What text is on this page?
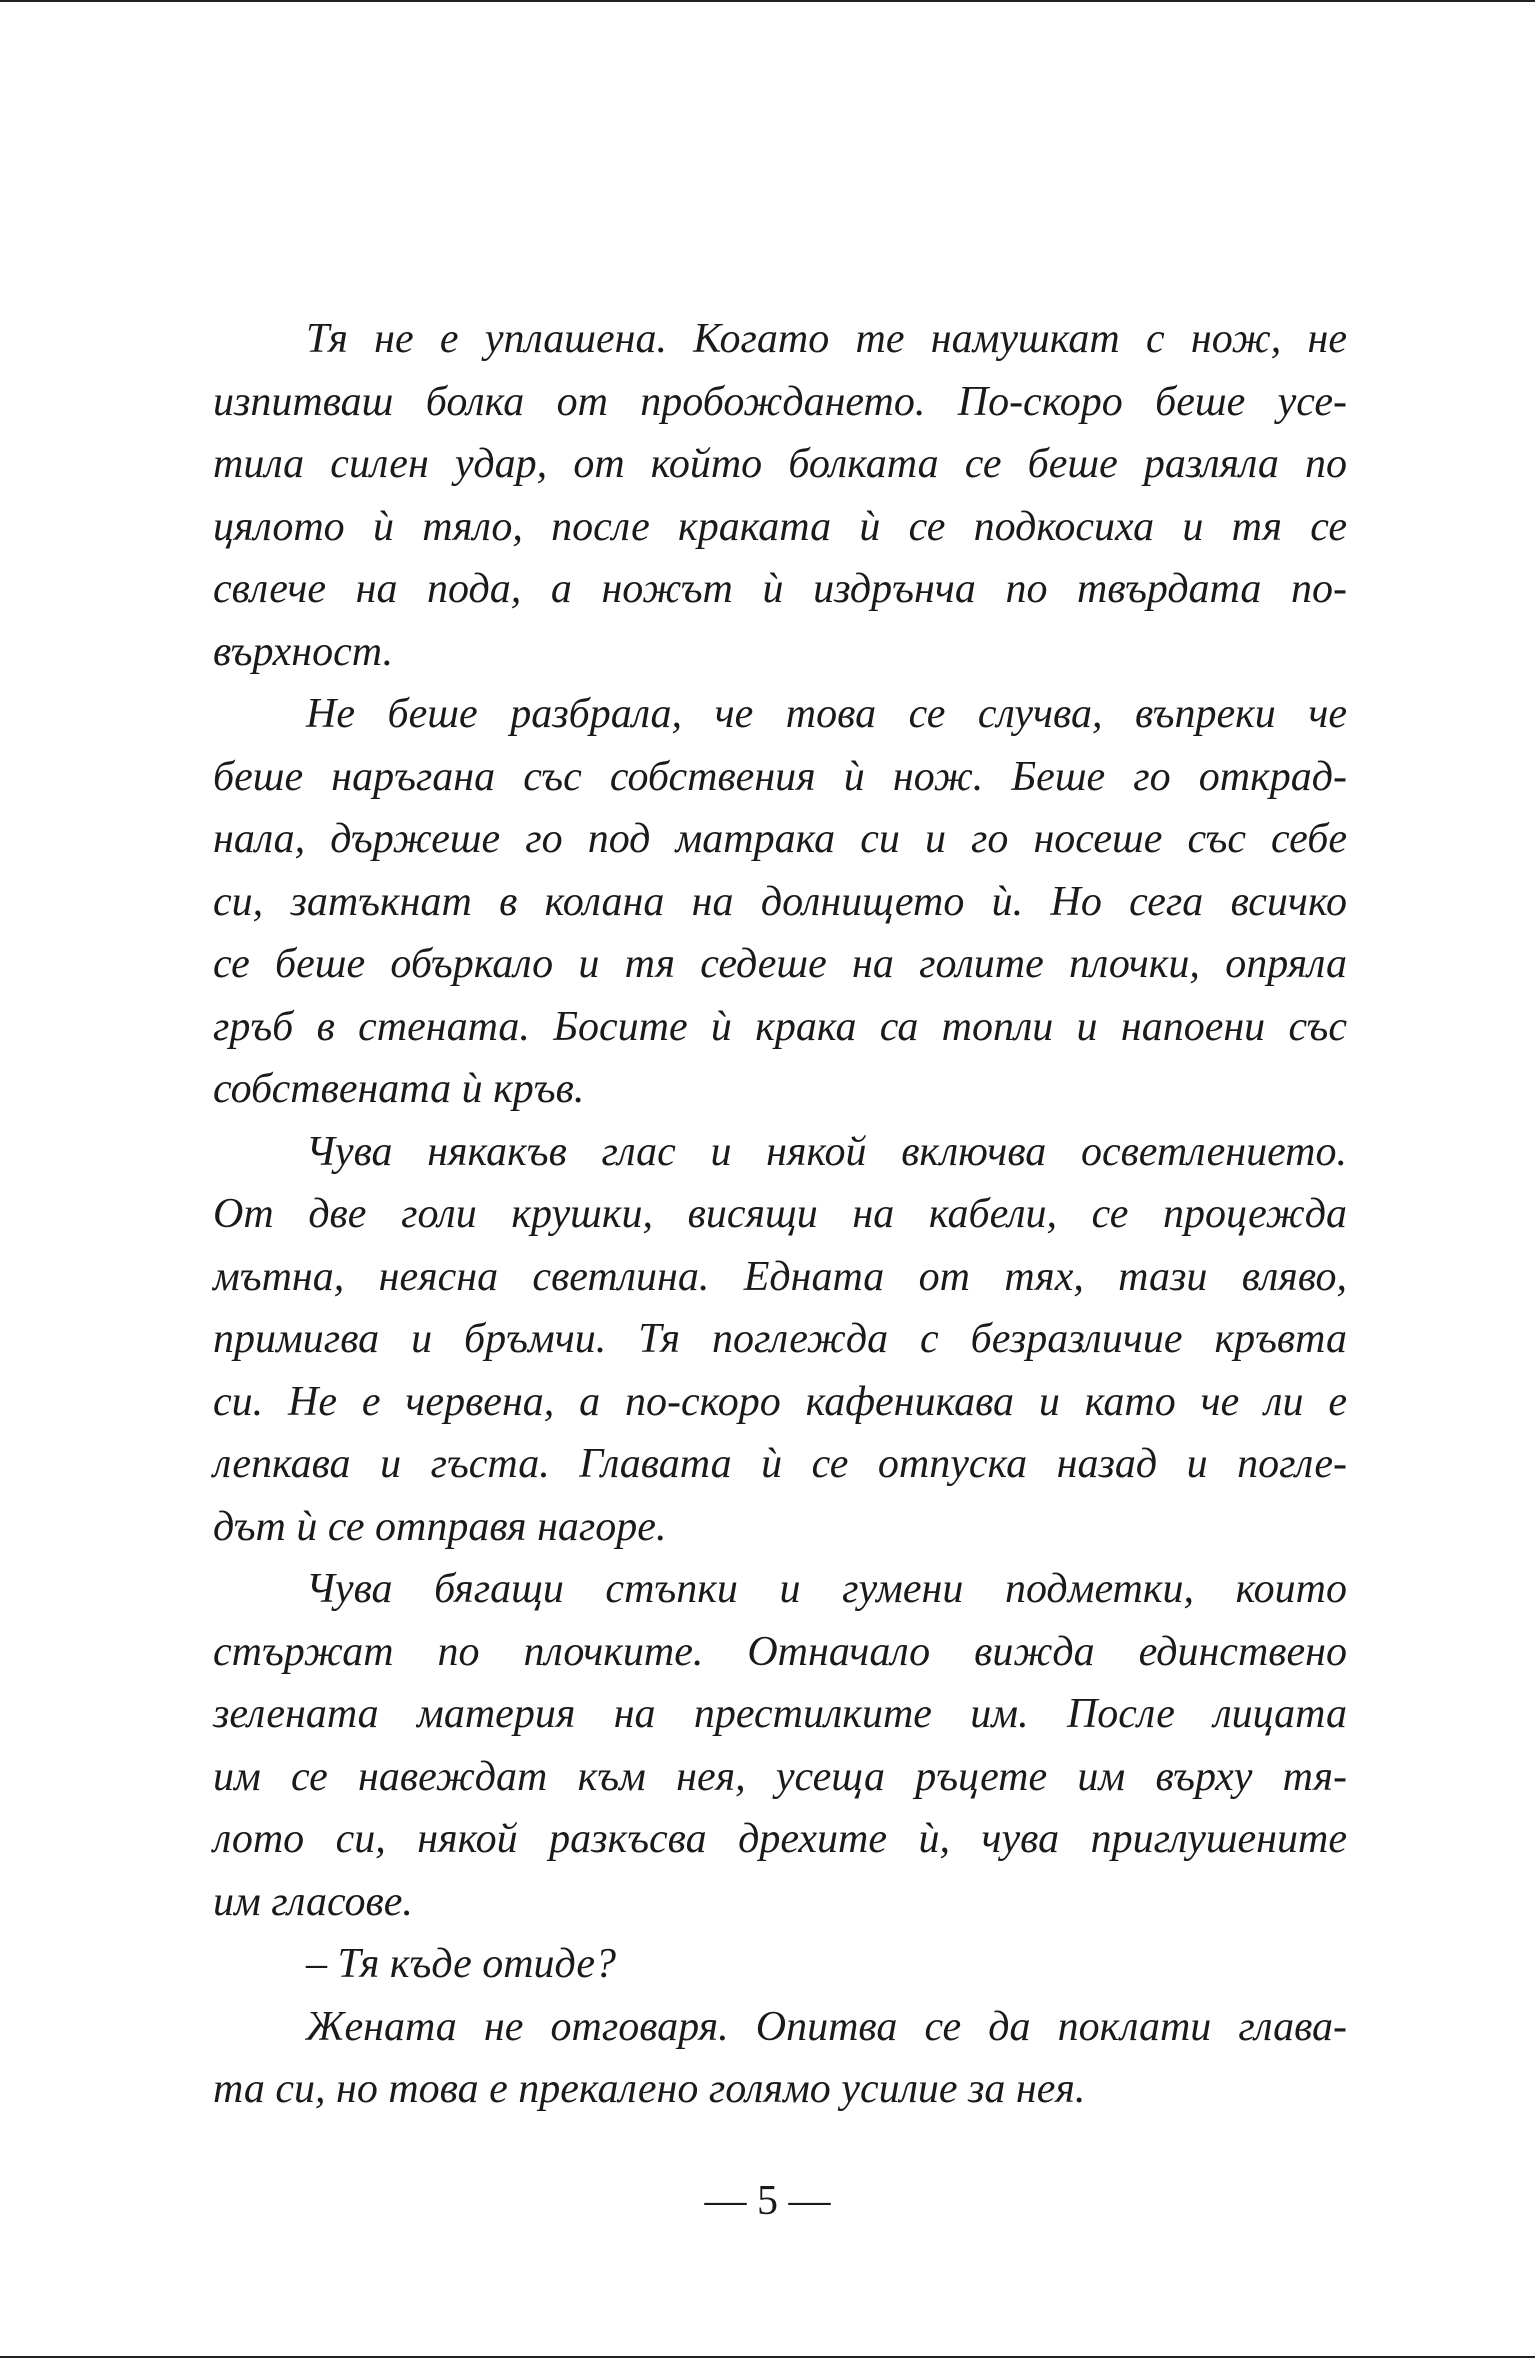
Тя не е уплашена. Когато те намушкат с нож, не
изпитваш болка от пробождането. По-скоро беше усе-
тила силен удар, от който болката се беше разляла по
цялото ѝ тяло, после краката ѝ се подкосиха и тя се
свлече на пода, а ножът ѝ издрънча по твърдата по-
върхност.
Не беше разбрала, че това се случва, въпреки че
беше наръгана със собствения ѝ нож. Беше го открад-
нала, държеше го под матрака си и го носеше със себе
си, затъкнат в колана на долнището ѝ. Но сега всичко
се беше объркало и тя седеше на голите плочки, опряла
гръб в стената. Босите ѝ крака са топли и напоени със
собствената ѝ кръв.
Чува някакъв глас и някой включва осветлението.
От две голи крушки, висящи на кабели, се процежда
мътна, неясна светлина. Едната от тях, тази вляво,
примигва и бръмчи. Тя поглежда с безразличие кръвта
си. Не е червена, а по-скоро кафеникава и като че ли е
лепкава и гъста. Главата ѝ се отпуска назад и погле-
дът ѝ се отправя нагоре.
Чува бягащи стъпки и гумени подметки, които
стържат по плочките. Отначало вижда единствено
зелената материя на престилките им. После лицата
им се навеждат към нея, усеща ръцете им върху тя-
лото си, някой разкъсва дрехите ѝ, чува приглушените
им гласове.
– Тя къде отиде?
Жената не отговаря. Опитва се да поклати глава-
та си, но това е прекалено голямо усилие за нея.
— 5 —
